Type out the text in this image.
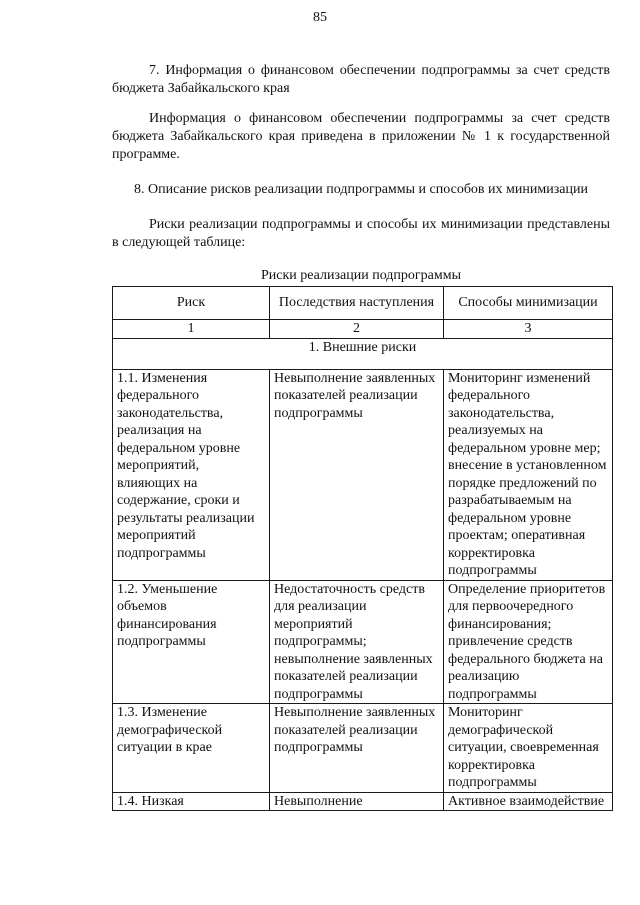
85
7. Информация о финансовом обеспечении подпрограммы за счет средств бюджета Забайкальского края
Информация о финансовом обеспечении подпрограммы за счет средств бюджета Забайкальского края приведена в приложении № 1 к государственной программе.
8. Описание рисков реализации подпрограммы и способов их минимизации
Риски реализации подпрограммы и способы их минимизации представлены в следующей таблице:
Риски реализации подпрограммы
Риск	Последствия наступления	Способы минимизации
1	2	3
1. Внешние риски		
1.1. Изменения федерального законодательства, реализация на федеральном уровне мероприятий, влияющих на содержание, сроки и результаты реализации мероприятий подпрограммы	Невыполнение заявленных показателей реализации подпрограммы	Мониторинг изменений федерального законодательства, реализуемых на федеральном уровне мер; внесение в установленном порядке предложений по разрабатываемым на федеральном уровне проектам; оперативная корректировка подпрограммы
1.2. Уменьшение объемов финансирования подпрограммы	Недостаточность средств для реализации мероприятий подпрограммы; невыполнение заявленных показателей реализации подпрограммы	Определение приоритетов для первоочередного финансирования; привлечение средств федерального бюджета на реализацию подпрограммы
1.3. Изменение демографической ситуации в крае	Невыполнение заявленных показателей реализации подпрограммы	Мониторинг демографической ситуации, своевременная корректировка подпрограммы
1.4. Низкая	Невыполнение	Активное взаимодействие
